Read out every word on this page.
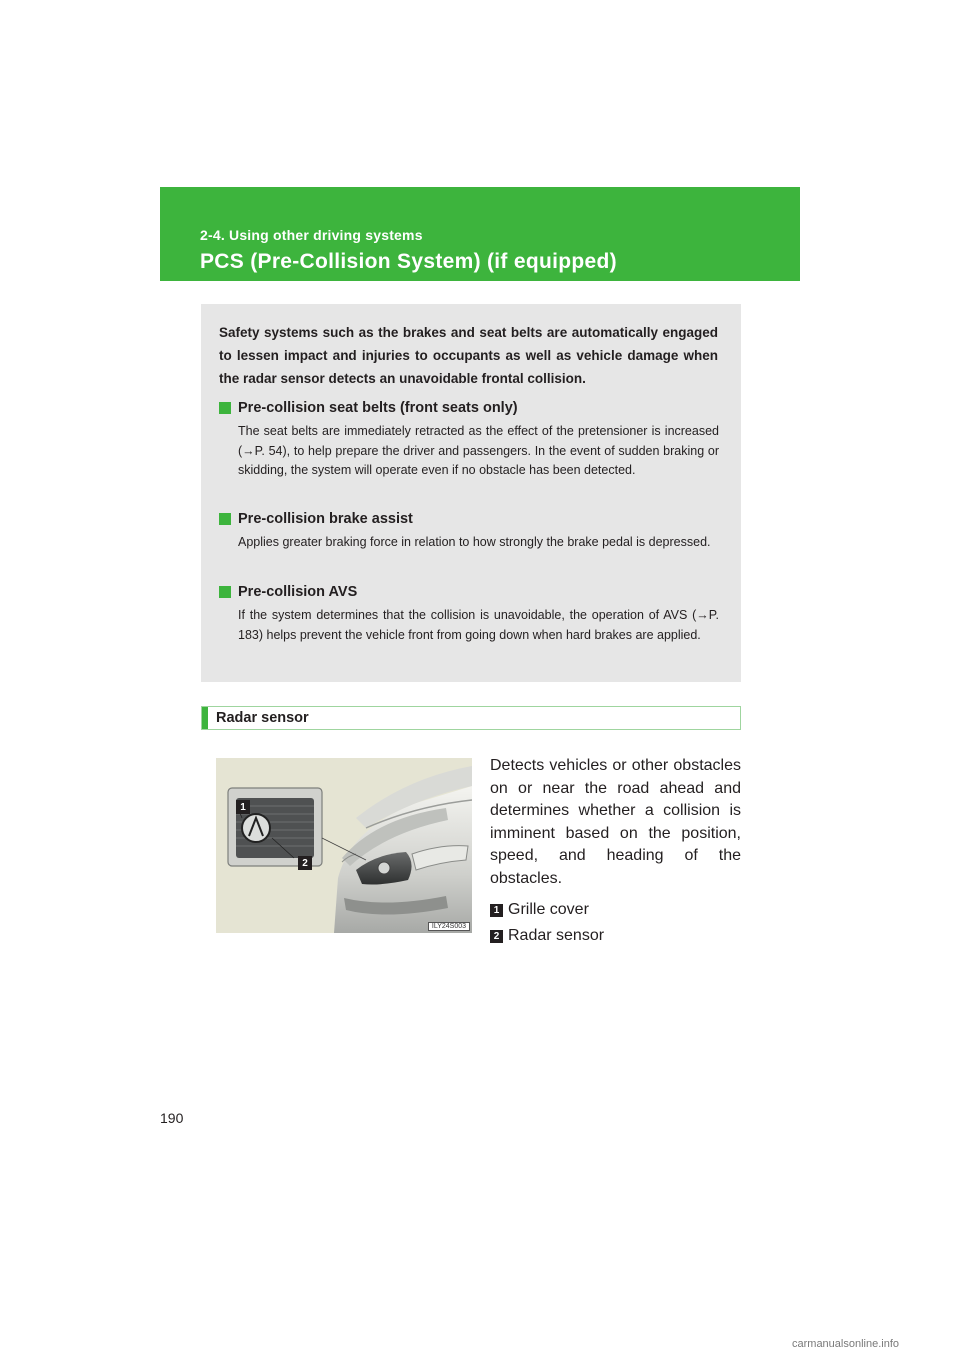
2-4. Using other driving systems
PCS (Pre-Collision System) (if equipped)
Safety systems such as the brakes and seat belts are automatically engaged to lessen impact and injuries to occupants as well as vehicle damage when the radar sensor detects an unavoidable frontal collision.
Pre-collision seat belts (front seats only)
The seat belts are immediately retracted as the effect of the pretensioner is increased (→P. 54), to help prepare the driver and passengers. In the event of sudden braking or skidding, the system will operate even if no obstacle has been detected.
Pre-collision brake assist
Applies greater braking force in relation to how strongly the brake pedal is depressed.
Pre-collision AVS
If the system determines that the collision is unavoidable, the operation of AVS (→P. 183) helps prevent the vehicle front from going down when hard brakes are applied.
Radar sensor
1
2
ILY24S003
Detects vehicles or other obstacles on or near the road ahead and determines whether a collision is imminent based on the position, speed, and heading of the obstacles.
1 Grille cover
2 Radar sensor
190
carmanualsonline.info
